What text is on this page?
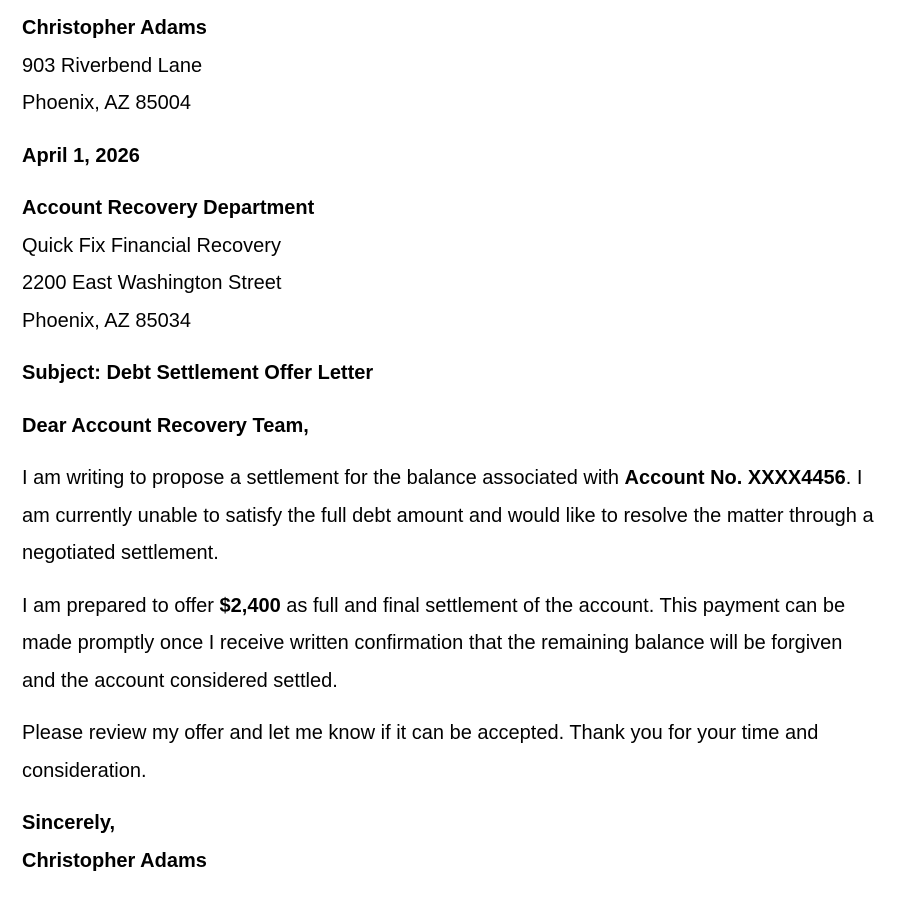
Christopher Adams

903 Riverbend Lane

Phoenix, AZ 85004

April 1, 2026

Account Recovery Department

Quick Fix Financial Recovery

2200 East Washington Street

Phoenix, AZ 85034

Subject: Debt Settlement Offer Letter

Dear Account Recovery Team,

I am writing to propose a settlement for the balance associated with Account No. XXXX4456. I am currently unable to satisfy the full debt amount and would like to resolve the matter through a negotiated settlement.

I am prepared to offer $2,400 as full and final settlement of the account. This payment can be made promptly once I receive written confirmation that the remaining balance will be forgiven and the account considered settled.

Please review my offer and let me know if it can be accepted. Thank you for your time and consideration.

Sincerely,

Christopher Adams
